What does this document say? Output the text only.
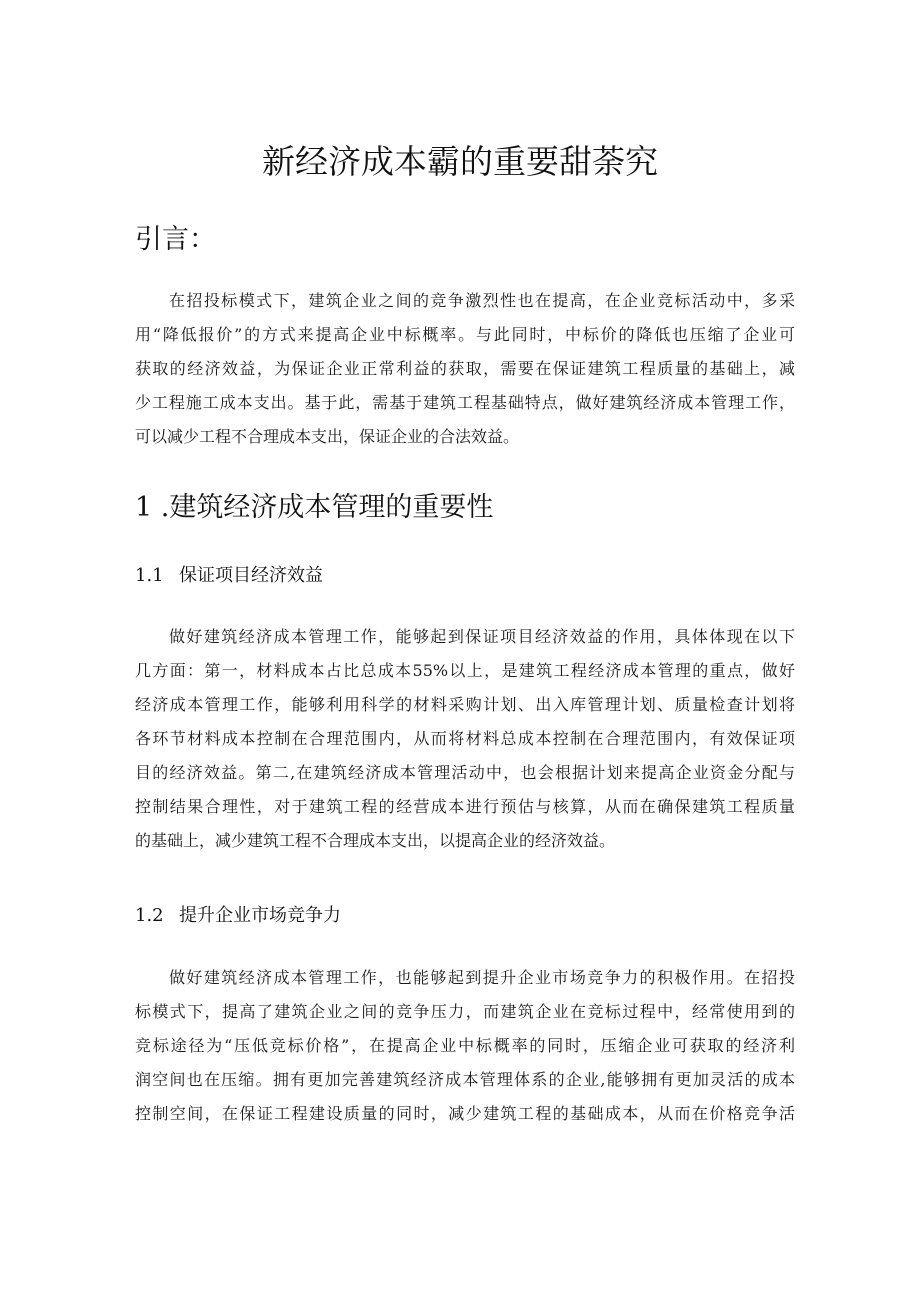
新经济成本霸的重要甜荼究
引言：
在招投标模式下，建筑企业之间的竞争激烈性也在提高，在企业竞标活动中，多采
用“降低报价”的方式来提高企业中标概率。与此同时，中标价的降低也压缩了企业可
获取的经济效益，为保证企业正常利益的获取，需要在保证建筑工程质量的基础上，减
少工程施工成本支出。基于此，需基于建筑工程基础特点，做好建筑经济成本管理工作，
可以减少工程不合理成本支出，保证企业的合法效益。
1 .建筑经济成本管理的重要性
1.1 保证项目经济效益
做好建筑经济成本管理工作，能够起到保证项目经济效益的作用，具体体现在以下
几方面：第一，材料成本占比总成本55%以上，是建筑工程经济成本管理的重点，做好
经济成本管理工作，能够利用科学的材料采购计划、出入库管理计划、质量检查计划将
各环节材料成本控制在合理范围内，从而将材料总成本控制在合理范围内，有效保证项
目的经济效益。第二,在建筑经济成本管理活动中，也会根据计划来提高企业资金分配与
控制结果合理性，对于建筑工程的经营成本进行预估与核算，从而在确保建筑工程质量
的基础上，减少建筑工程不合理成本支出，以提高企业的经济效益。
1.2 提升企业市场竞争力
做好建筑经济成本管理工作，也能够起到提升企业市场竞争力的积极作用。在招投
标模式下，提高了建筑企业之间的竞争压力，而建筑企业在竞标过程中，经常使用到的
竞标途径为“压低竞标价格”，在提高企业中标概率的同时，压缩企业可获取的经济利
润空间也在压缩。拥有更加完善建筑经济成本管理体系的企业,能够拥有更加灵活的成本
控制空间，在保证工程建设质量的同时，减少建筑工程的基础成本，从而在价格竞争活
